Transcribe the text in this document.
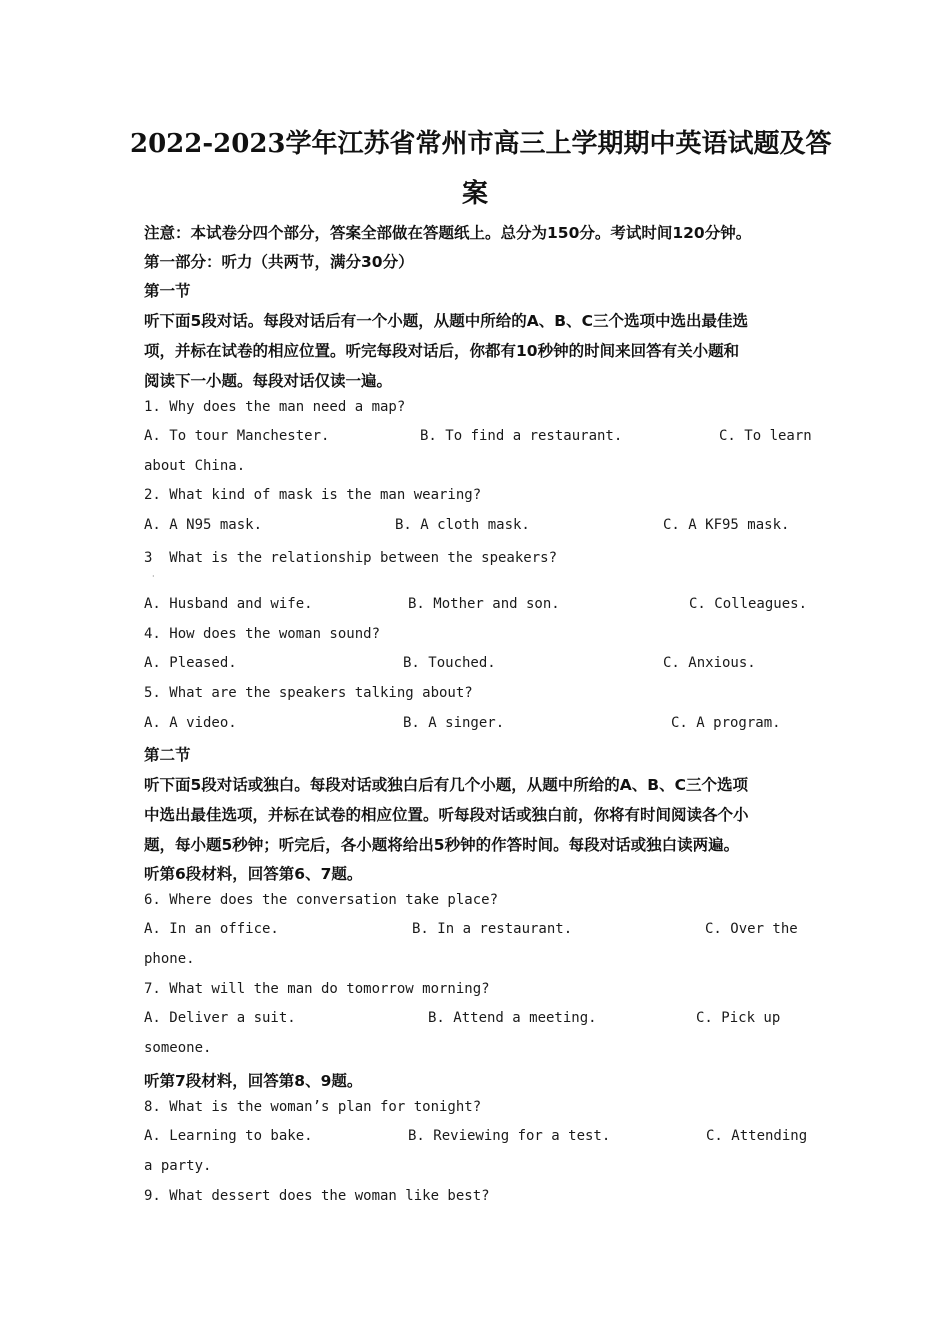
2022-2023学年江苏省常州市高三上学期期中英语试题及答
案
注意：本试卷分四个部分，答案全部做在答题纸上。总分为150分。考试时间120分钟。
第一部分：听力（共两节，满分30分）
第一节
听下面5段对话。每段对话后有一个小题，从题中所给的A、B、C三个选项中选出最佳选
项，并标在试卷的相应位置。听完每段对话后，你都有10秒钟的时间来回答有关小题和
阅读下一小题。每段对话仅读一遍。
1. Why does the man need a map?
A. To tour Manchester.	B. To find a restaurant.	C. To learn
about China.
2. What kind of mask is the man wearing?
A. A N95 mask.	B. A cloth mask.	C. A KF95 mask.
3  What is the relationship between the speakers?
·
A. Husband and wife.	B. Mother and son.	C. Colleagues.
4. How does the woman sound?
A. Pleased.	B. Touched.	C. Anxious.
5. What are the speakers talking about?
A. A video.	B. A singer.	C. A program.
第二节
听下面5段对话或独白。每段对话或独白后有几个小题，从题中所给的A、B、C三个选项
中选出最佳选项，并标在试卷的相应位置。听每段对话或独白前，你将有时间阅读各个小
题，每小题5秒钟；听完后，各小题将给出5秒钟的作答时间。每段对话或独白读两遍。
听第6段材料，回答第6、7题。
6. Where does the conversation take place?
A. In an office.	B. In a restaurant.	C. Over the
phone.
7. What will the man do tomorrow morning?
A. Deliver a suit.	B. Attend a meeting.	C. Pick up
someone.
听第7段材料，回答第8、9题。
8. What is the woman’s plan for tonight?
A. Learning to bake.	B. Reviewing for a test.	C. Attending
a party.
9. What dessert does the woman like best?
